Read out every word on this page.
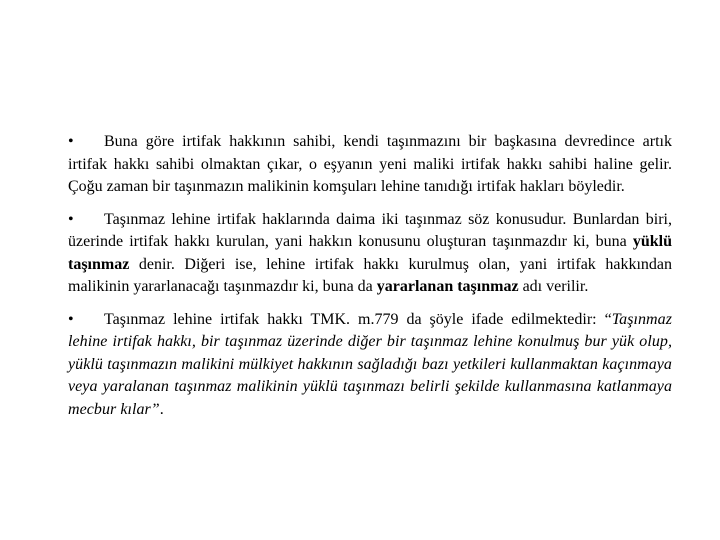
• Buna göre irtifak hakkının sahibi, kendi taşınmazını bir başkasına devredince artık irtifak hakkı sahibi olmaktan çıkar, o eşyanın yeni maliki irtifak hakkı sahibi haline gelir. Çoğu zaman bir taşınmazın malikinin komşuları lehine tanıdığı irtifak hakları böyledir.

• Taşınmaz lehine irtifak haklarında daima iki taşınmaz söz konusudur. Bunlardan biri, üzerinde irtifak hakkı kurulan, yani hakkın konusunu oluşturan taşınmazdır ki, buna yüklü taşınmaz denir. Diğeri ise, lehine irtifak hakkı kurulmuş olan, yani irtifak hakkından malikinin yararlanacağı taşınmazdır ki, buna da yararlanan taşınmaz adı verilir.

• Taşınmaz lehine irtifak hakkı TMK. m.779 da şöyle ifade edilmektedir: “Taşınmaz lehine irtifak hakkı, bir taşınmaz üzerinde diğer bir taşınmaz lehine konulmuş bur yük olup, yüklü taşınmazın malikini mülkiyet hakkının sağladığı bazı yetkileri kullanmaktan kaçınmaya veya yaralanan taşınmaz malikinin yüklü taşınmazı belirli şekilde kullanmasına katlanmaya mecbur kılar”.
